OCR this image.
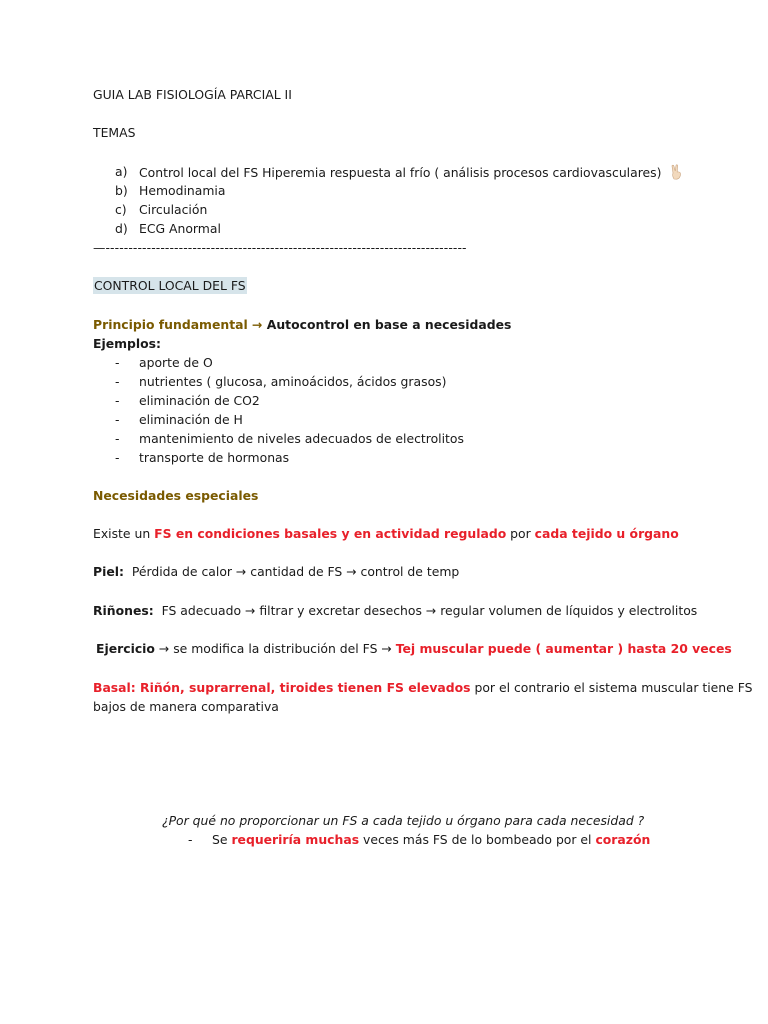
GUIA LAB FISIOLOGÍA PARCIAL II
TEMAS
a) Control local del FS Hiperemia respuesta al frío ( análisis procesos cardiovasculares)
b) Hemodinamia
c) Circulación
d) ECG Anormal
—-------------------------------------------------------------------------------
CONTROL LOCAL DEL FS
Principio fundamental → Autocontrol en base a necesidades
Ejemplos:
- aporte de O
- nutrientes ( glucosa, aminoácidos, ácidos grasos)
- eliminación de CO2
- eliminación de H
- mantenimiento de niveles adecuados de electrolitos
- transporte de hormonas
Necesidades especiales
Existe un FS en condiciones basales y en actividad regulado por cada tejido u órgano
Piel:  Pérdida de calor → cantidad de FS → control de temp
Riñones:  FS adecuado → filtrar y excretar desechos → regular volumen de líquidos y electrolitos
Ejercicio → se modifica la distribución del FS → Tej muscular puede ( aumentar ) hasta 20 veces
Basal: Riñón, suprarrenal, tiroides tienen FS elevados por el contrario el sistema muscular tiene FS
bajos de manera comparativa
¿Por qué no proporcionar un FS a cada tejido u órgano para cada necesidad ?
- Se requeriría muchas veces más FS de lo bombeado por el corazón
